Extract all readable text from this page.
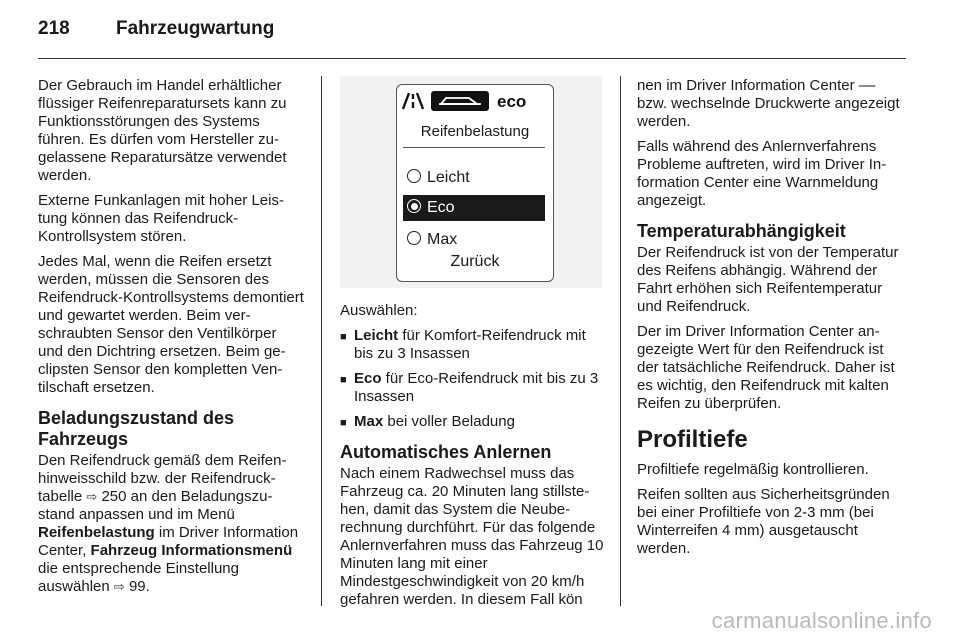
218 Fahrzeugwartung

Der Gebrauch im Handel erhältlicher flüssiger Reifenreparatursets kann zu Funktionsstörungen des Systems führen. Es dürfen vom Hersteller zugelassene Reparatursätze verwendet werden.

Externe Funkanlagen mit hoher Leistung können das Reifendruck-Kontrollsystem stören.

Jedes Mal, wenn die Reifen ersetzt werden, müssen die Sensoren des Reifendruck-Kontrollsystems demontiert und gewartet werden. Beim verschraubten Sensor den Ventilkörper und den Dichtring ersetzen. Beim geclipsten Sensor den kompletten Ventilschaft ersetzen.

Beladungszustand des Fahrzeugs

Den Reifendruck gemäß dem Reifenhinweisschild bzw. der Reifendrucktabelle ⇨ 250 an den Beladungszustand anpassen und im Menü Reifenbelastung im Driver Information Center, Fahrzeug Informationsmenü die entsprechende Einstellung auswählen ⇨ 99.

eco
Reifenbelastung
Leicht
Eco
Max
Zurück

Auswählen:

■ Leicht für Komfort-Reifendruck mit bis zu 3 Insassen

■ Eco für Eco-Reifendruck mit bis zu 3 Insassen

■ Max bei voller Beladung

Automatisches Anlernen

Nach einem Radwechsel muss das Fahrzeug ca. 20 Minuten lang stillstehen, damit das System die Neuberechnung durchführt. Für das folgende Anlernverfahren muss das Fahrzeug 10 Minuten lang mit einer Mindestgeschwindigkeit von 20 km/h gefahren werden. In diesem Fall kön

nen im Driver Information Center –– bzw. wechselnde Druckwerte angezeigt werden.

Falls während des Anlernverfahrens Probleme auftreten, wird im Driver Information Center eine Warnmeldung angezeigt.

Temperaturabhängigkeit

Der Reifendruck ist von der Temperatur des Reifens abhängig. Während der Fahrt erhöhen sich Reifentemperatur und Reifendruck.

Der im Driver Information Center angezeigte Wert für den Reifendruck ist der tatsächliche Reifendruck. Daher ist es wichtig, den Reifendruck mit kalten Reifen zu überprüfen.

Profiltiefe

Profiltiefe regelmäßig kontrollieren.

Reifen sollten aus Sicherheitsgründen bei einer Profiltiefe von 2-3 mm (bei Winterreifen 4 mm) ausgetauscht werden.

carmanualsonline.info
